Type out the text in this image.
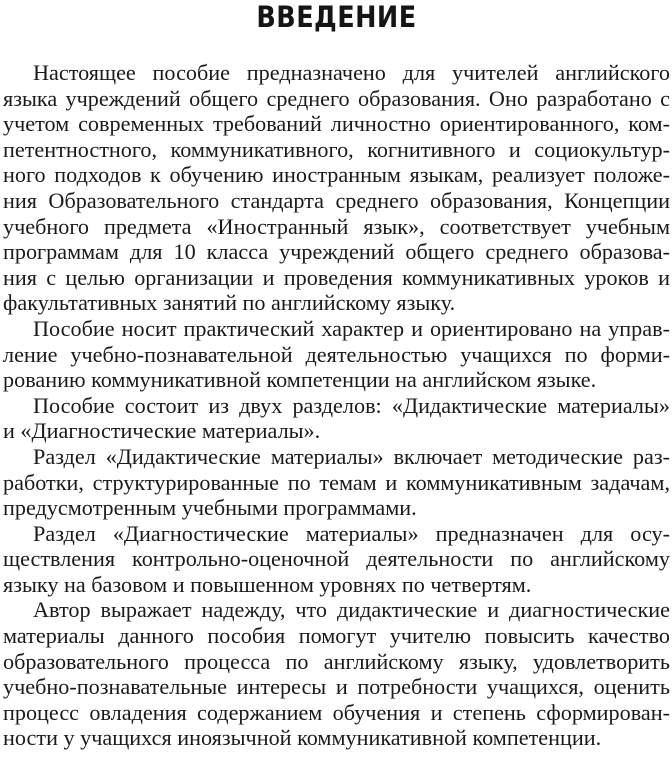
ВВЕДЕНИЕ

Настоящее пособие предназначено для учителей английского
языка учреждений общего среднего образования. Оно разработано с
учетом современных требований личностно ориентированного, ком-
петентностного, коммуникативного, когнитивного и социокультур-
ного подходов к обучению иностранным языкам, реализует положе-
ния Образовательного стандарта среднего образования, Концепции
учебного предмета «Иностранный язык», соответствует учебным
программам для 10 класса учреждений общего среднего образова-
ния с целью организации и проведения коммуникативных уроков и
факультативных занятий по английскому языку.

Пособие носит практический характер и ориентировано на управ-
ление учебно-познавательной деятельностью учащихся по форми-
рованию коммуникативной компетенции на английском языке.

Пособие состоит из двух разделов: «Дидактические материалы»
и «Диагностические материалы».

Раздел «Дидактические материалы» включает методические раз-
работки, структурированные по темам и коммуникативным задачам,
предусмотренным учебными программами.

Раздел «Диагностические материалы» предназначен для осу-
ществления контрольно-оценочной деятельности по английскому
языку на базовом и повышенном уровнях по четвертям.

Автор выражает надежду, что дидактические и диагностические
материалы данного пособия помогут учителю повысить качество
образовательного процесса по английскому языку, удовлетворить
учебно-познавательные интересы и потребности учащихся, оценить
процесс овладения содержанием обучения и степень сформирован-
ности у учащихся иноязычной коммуникативной компетенции.
